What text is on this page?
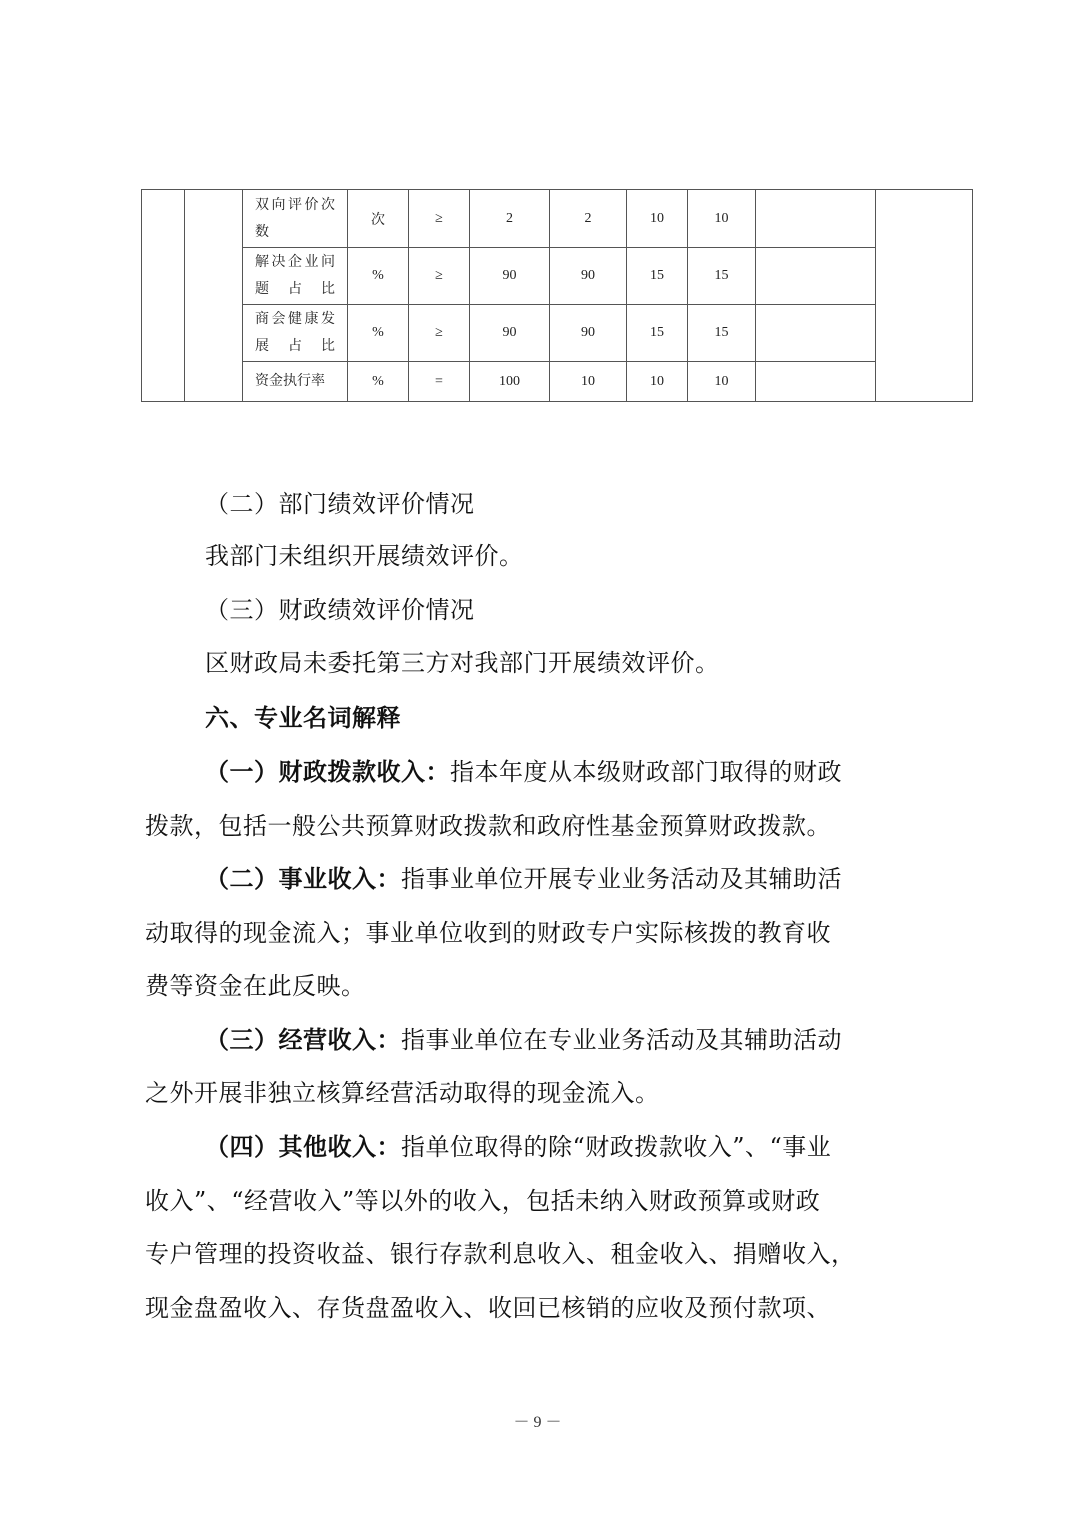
		双向评价次数	次	≥	2	2	10	10		
		解决企业问题占比	%	≥	90	90	15	15		
		商会健康发展占比	%	≥	90	90	15	15		
		资金执行率	%	=	100	10	10	10		
（二）部门绩效评价情况
我部门未组织开展绩效评价。
（三）财政绩效评价情况
区财政局未委托第三方对我部门开展绩效评价。
六、专业名词解释
（一）财政拨款收入：指本年度从本级财政部门取得的财政
拨款，包括一般公共预算财政拨款和政府性基金预算财政拨款。
（二）事业收入：指事业单位开展专业业务活动及其辅助活
动取得的现金流入；事业单位收到的财政专户实际核拨的教育收
费等资金在此反映。
（三）经营收入：指事业单位在专业业务活动及其辅助活动
之外开展非独立核算经营活动取得的现金流入。
（四）其他收入：指单位取得的除“财政拨款收入”、“事业
收入”、“经营收入”等以外的收入，包括未纳入财政预算或财政
专户管理的投资收益、银行存款利息收入、租金收入、捐赠收入，
现金盘盈收入、存货盘盈收入、收回已核销的应收及预付款项、
－ 9 －
